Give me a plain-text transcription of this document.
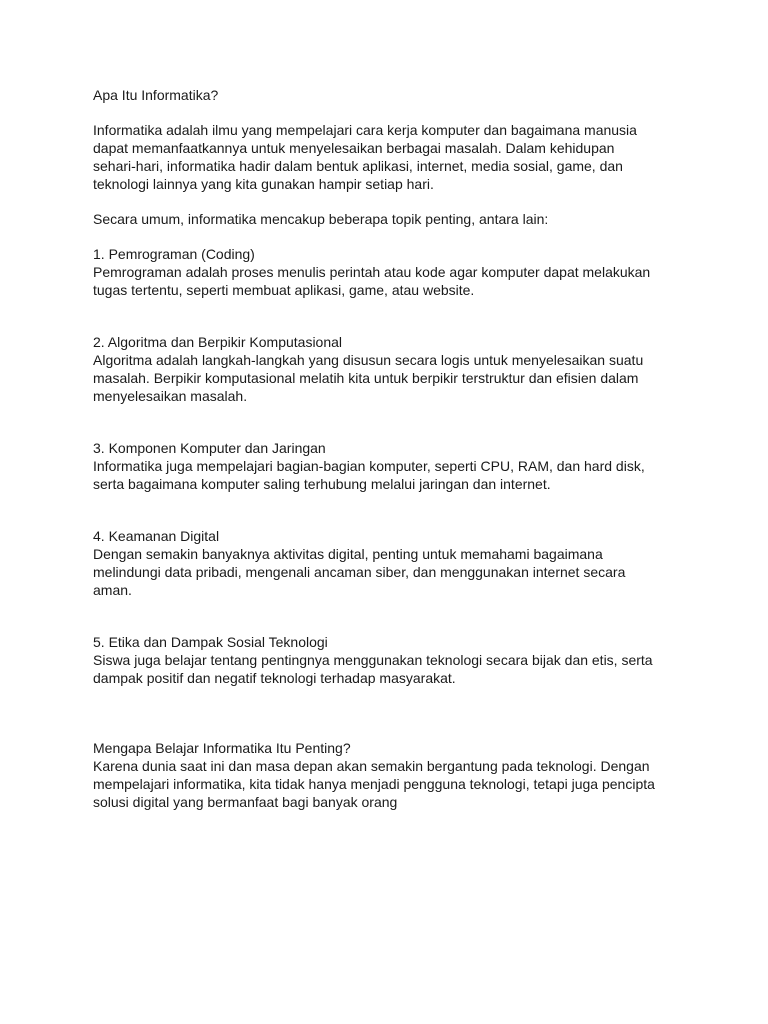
Apa Itu Informatika?

Informatika adalah ilmu yang mempelajari cara kerja komputer dan bagaimana manusia
dapat memanfaatkannya untuk menyelesaikan berbagai masalah. Dalam kehidupan
sehari-hari, informatika hadir dalam bentuk aplikasi, internet, media sosial, game, dan
teknologi lainnya yang kita gunakan hampir setiap hari.

Secara umum, informatika mencakup beberapa topik penting, antara lain:

1. Pemrograman (Coding)
Pemrograman adalah proses menulis perintah atau kode agar komputer dapat melakukan
tugas tertentu, seperti membuat aplikasi, game, atau website.
2. Algoritma dan Berpikir Komputasional
Algoritma adalah langkah-langkah yang disusun secara logis untuk menyelesaikan suatu
masalah. Berpikir komputasional melatih kita untuk berpikir terstruktur dan efisien dalam
menyelesaikan masalah.
3. Komponen Komputer dan Jaringan
Informatika juga mempelajari bagian-bagian komputer, seperti CPU, RAM, dan hard disk,
serta bagaimana komputer saling terhubung melalui jaringan dan internet.
4. Keamanan Digital
Dengan semakin banyaknya aktivitas digital, penting untuk memahami bagaimana
melindungi data pribadi, mengenali ancaman siber, dan menggunakan internet secara
aman.
5. Etika dan Dampak Sosial Teknologi
Siswa juga belajar tentang pentingnya menggunakan teknologi secara bijak dan etis, serta
dampak positif dan negatif teknologi terhadap masyarakat.
Mengapa Belajar Informatika Itu Penting?
Karena dunia saat ini dan masa depan akan semakin bergantung pada teknologi. Dengan
mempelajari informatika, kita tidak hanya menjadi pengguna teknologi, tetapi juga pencipta
solusi digital yang bermanfaat bagi banyak orang
